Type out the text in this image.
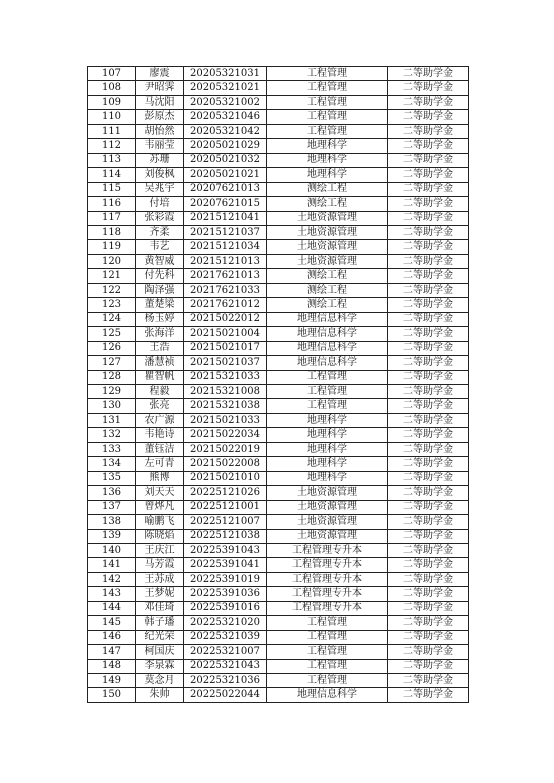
107	廖震	20205321031	工程管理	二等助学金
108	尹昭霁	20205321021	工程管理	二等助学金
109	马沈阳	20205321002	工程管理	二等助学金
110	彭原杰	20205321046	工程管理	二等助学金
111	胡怡然	20205321042	工程管理	二等助学金
112	韦丽莹	20205021029	地理科学	二等助学金
113	苏珊	20205021032	地理科学	二等助学金
114	刘俊枫	20205021021	地理科学	二等助学金
115	吴兆宇	20207621013	测绘工程	二等助学金
116	付培	20207621015	测绘工程	二等助学金
117	张彩霞	20215121041	土地资源管理	二等助学金
118	齐柔	20215121037	土地资源管理	二等助学金
119	韦艺	20215121034	土地资源管理	二等助学金
120	黄智威	20215121013	土地资源管理	二等助学金
121	付先科	20217621013	测绘工程	二等助学金
122	陶泽强	20217621033	测绘工程	二等助学金
123	董楚梁	20217621012	测绘工程	二等助学金
124	杨玉婷	20215022012	地理信息科学	二等助学金
125	张海洋	20215021004	地理信息科学	二等助学金
126	王浩	20215021017	地理信息科学	二等助学金
127	潘慧祯	20215021037	地理信息科学	二等助学金
128	瞿智帆	20215321033	工程管理	二等助学金
129	程毅	20215321008	工程管理	二等助学金
130	张亮	20215321038	工程管理	二等助学金
131	农广源	20215021033	地理科学	二等助学金
132	韦艳诗	20215022034	地理科学	二等助学金
133	董钰洁	20215022019	地理科学	二等助学金
134	左可青	20215022008	地理科学	二等助学金
135	熊博	20215021010	地理科学	二等助学金
136	刘天天	20225121026	土地资源管理	二等助学金
137	曾烨凡	20225121001	土地资源管理	二等助学金
138	喻鹏飞	20225121007	土地资源管理	二等助学金
139	陈晓焰	20225121038	土地资源管理	二等助学金
140	王庆江	20225391043	工程管理专升本	二等助学金
141	马芳霞	20225391041	工程管理专升本	二等助学金
142	王苏成	20225391019	工程管理专升本	二等助学金
143	王梦妮	20225391036	工程管理专升本	二等助学金
144	邓佳琦	20225391016	工程管理专升本	二等助学金
145	韩子璠	20225321020	工程管理	二等助学金
146	纪光荣	20225321039	工程管理	二等助学金
147	柯国庆	20225321007	工程管理	二等助学金
148	李泉霖	20225321043	工程管理	二等助学金
149	莫念月	20225321036	工程管理	二等助学金
150	朱帅	20225022044	地理信息科学	二等助学金
